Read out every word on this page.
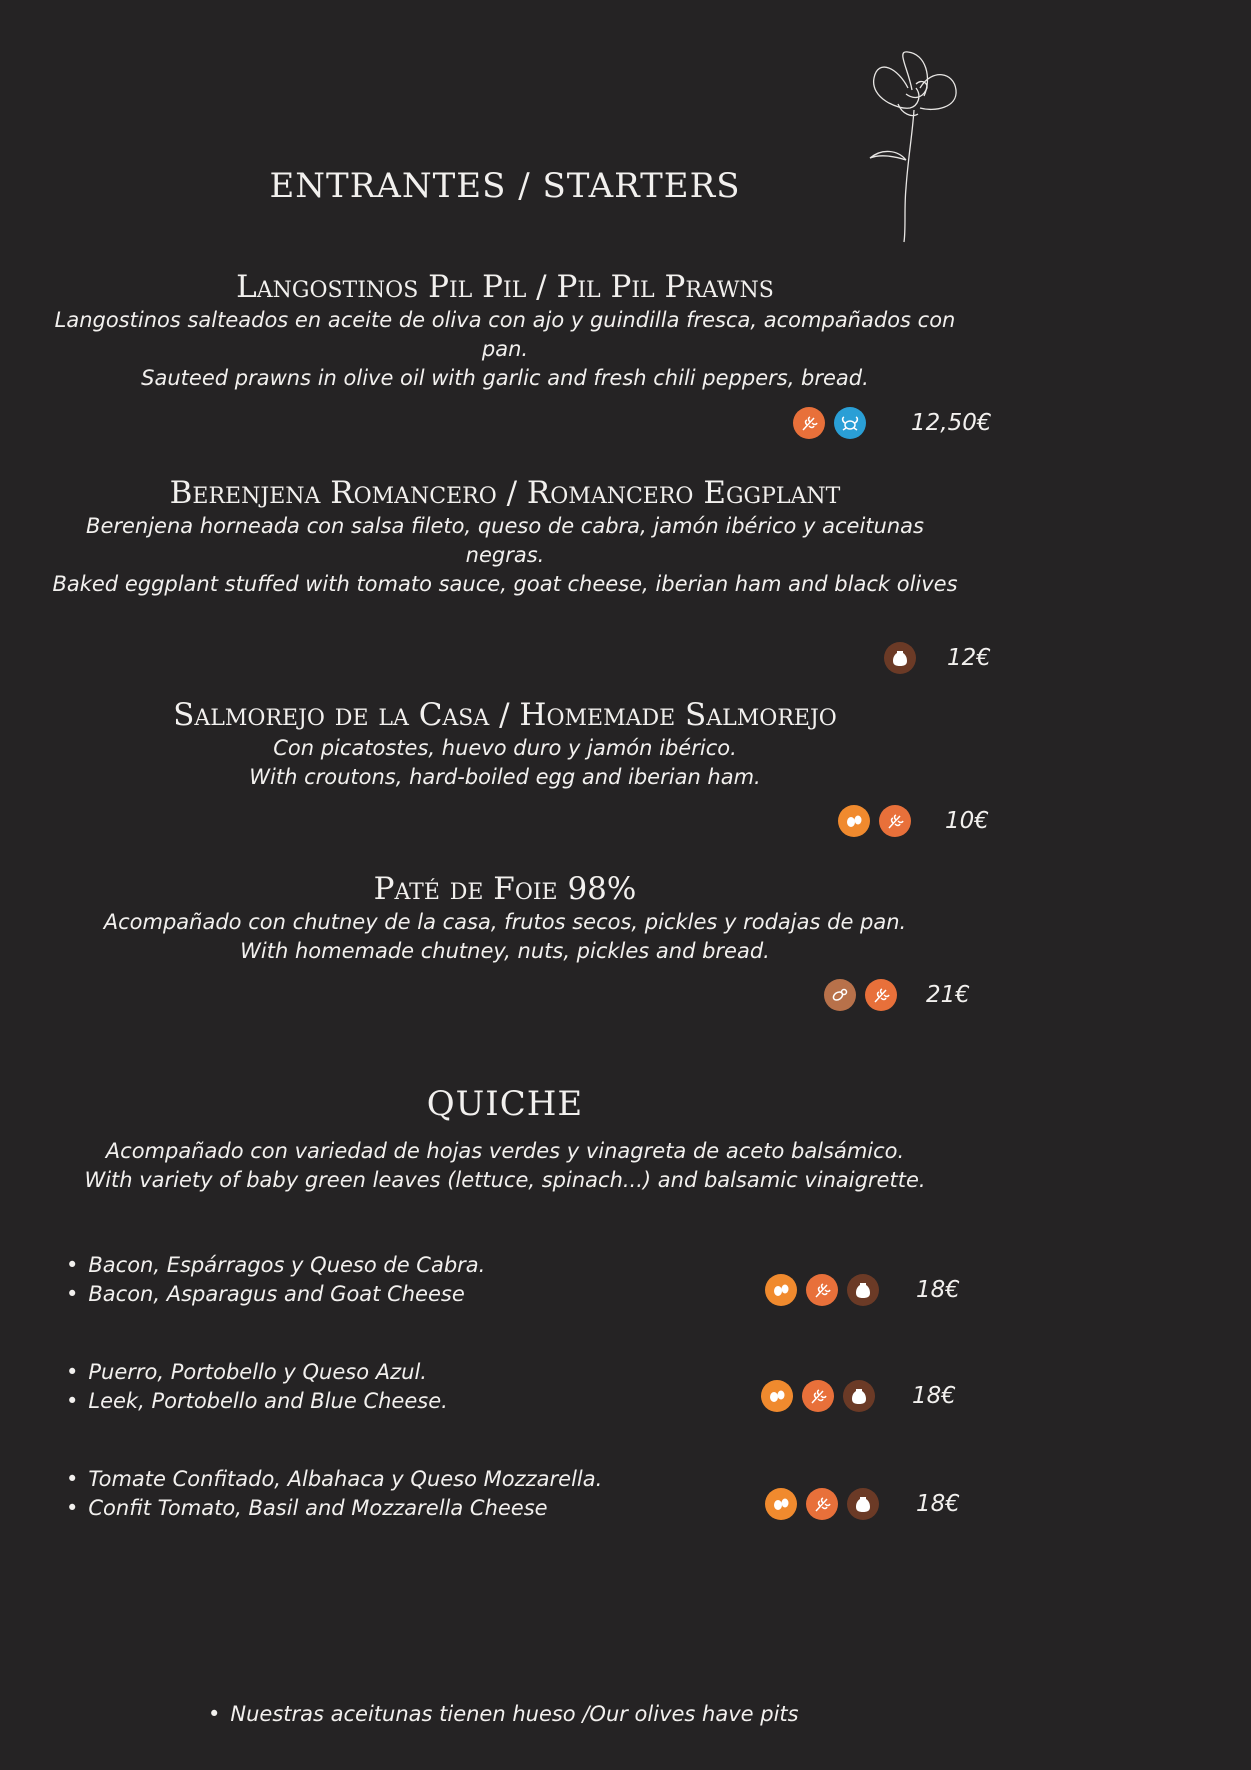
ENTRANTES / STARTERS
Langostinos Pil Pil / Pil Pil Prawns

Langostinos salteados en aceite de oliva con ajo y guindilla fresca, acompañados con

pan.

Sauteed prawns in olive oil with garlic and fresh chili peppers, bread.

12,50€
Berenjena Romancero / Romancero Eggplant

Berenjena horneada con salsa fileto, queso de cabra, jamón ibérico y aceitunas

negras.

Baked eggplant stuffed with tomato sauce, goat cheese, iberian ham and black olives

12€
Salmorejo de la Casa / Homemade Salmorejo

Con picatostes, huevo duro y jamón ibérico.

With croutons, hard-boiled egg and iberian ham.

10€
Paté de Foie 98%

Acompañado con chutney de la casa, frutos secos, pickles y rodajas de pan.

With homemade chutney, nuts, pickles and bread.

21€
QUICHE

Acompañado con variedad de hojas verdes y vinagreta de aceto balsámico.

With variety of baby green leaves (lettuce, spinach...) and balsamic vinaigrette.

• Bacon, Espárragos y Queso de Cabra.
• Bacon, Asparagus and Goat Cheese	18€
• Puerro, Portobello y Queso Azul.
• Leek, Portobello and Blue Cheese.	18€
• Tomate Confitado, Albahaca y Queso Mozzarella.
• Confit Tomato, Basil and Mozzarella Cheese	18€
• Nuestras aceitunas tienen hueso /Our olives have pits
